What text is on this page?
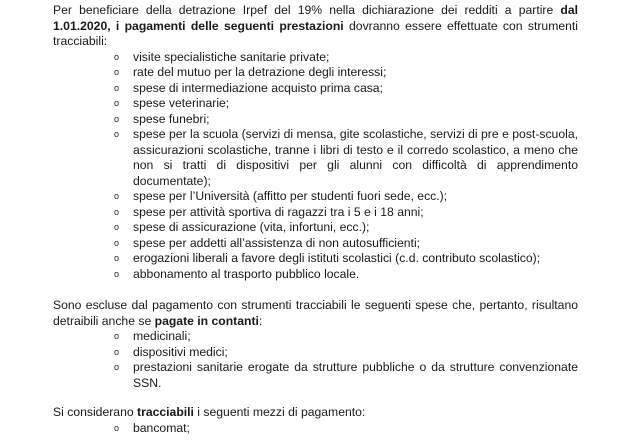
Per beneficiare della detrazione Irpef del 19% nella dichiarazione dei redditi a partire dal 1.01.2020, i pagamenti delle seguenti prestazioni dovranno essere effettuate con strumenti tracciabili:

o visite specialistiche sanitarie private;
o rate del mutuo per la detrazione degli interessi;
o spese di intermediazione acquisto prima casa;
o spese veterinarie;
o spese funebri;
o spese per la scuola (servizi di mensa, gite scolastiche, servizi di pre e post-scuola, assicurazioni scolastiche, tranne i libri di testo e il corredo scolastico, a meno che non si tratti di dispositivi per gli alunni con difficoltà di apprendimento documentate);
o spese per l’Università (affitto per studenti fuori sede, ecc.);
o spese per attività sportiva di ragazzi tra i 5 e i 18 anni;
o spese di assicurazione (vita, infortuni, ecc.);
o spese per addetti all’assistenza di non autosufficienti;
o erogazioni liberali a favore degli istituti scolastici (c.d. contributo scolastico);
o abbonamento al trasporto pubblico locale.

Sono escluse dal pagamento con strumenti tracciabili le seguenti spese che, pertanto, risultano detraibili anche se pagate in contanti:

o medicinali;
o dispositivi medici;
o prestazioni sanitarie erogate da strutture pubbliche o da strutture convenzionate SSN.

Si considerano tracciabili i seguenti mezzi di pagamento:

o bancomat;
